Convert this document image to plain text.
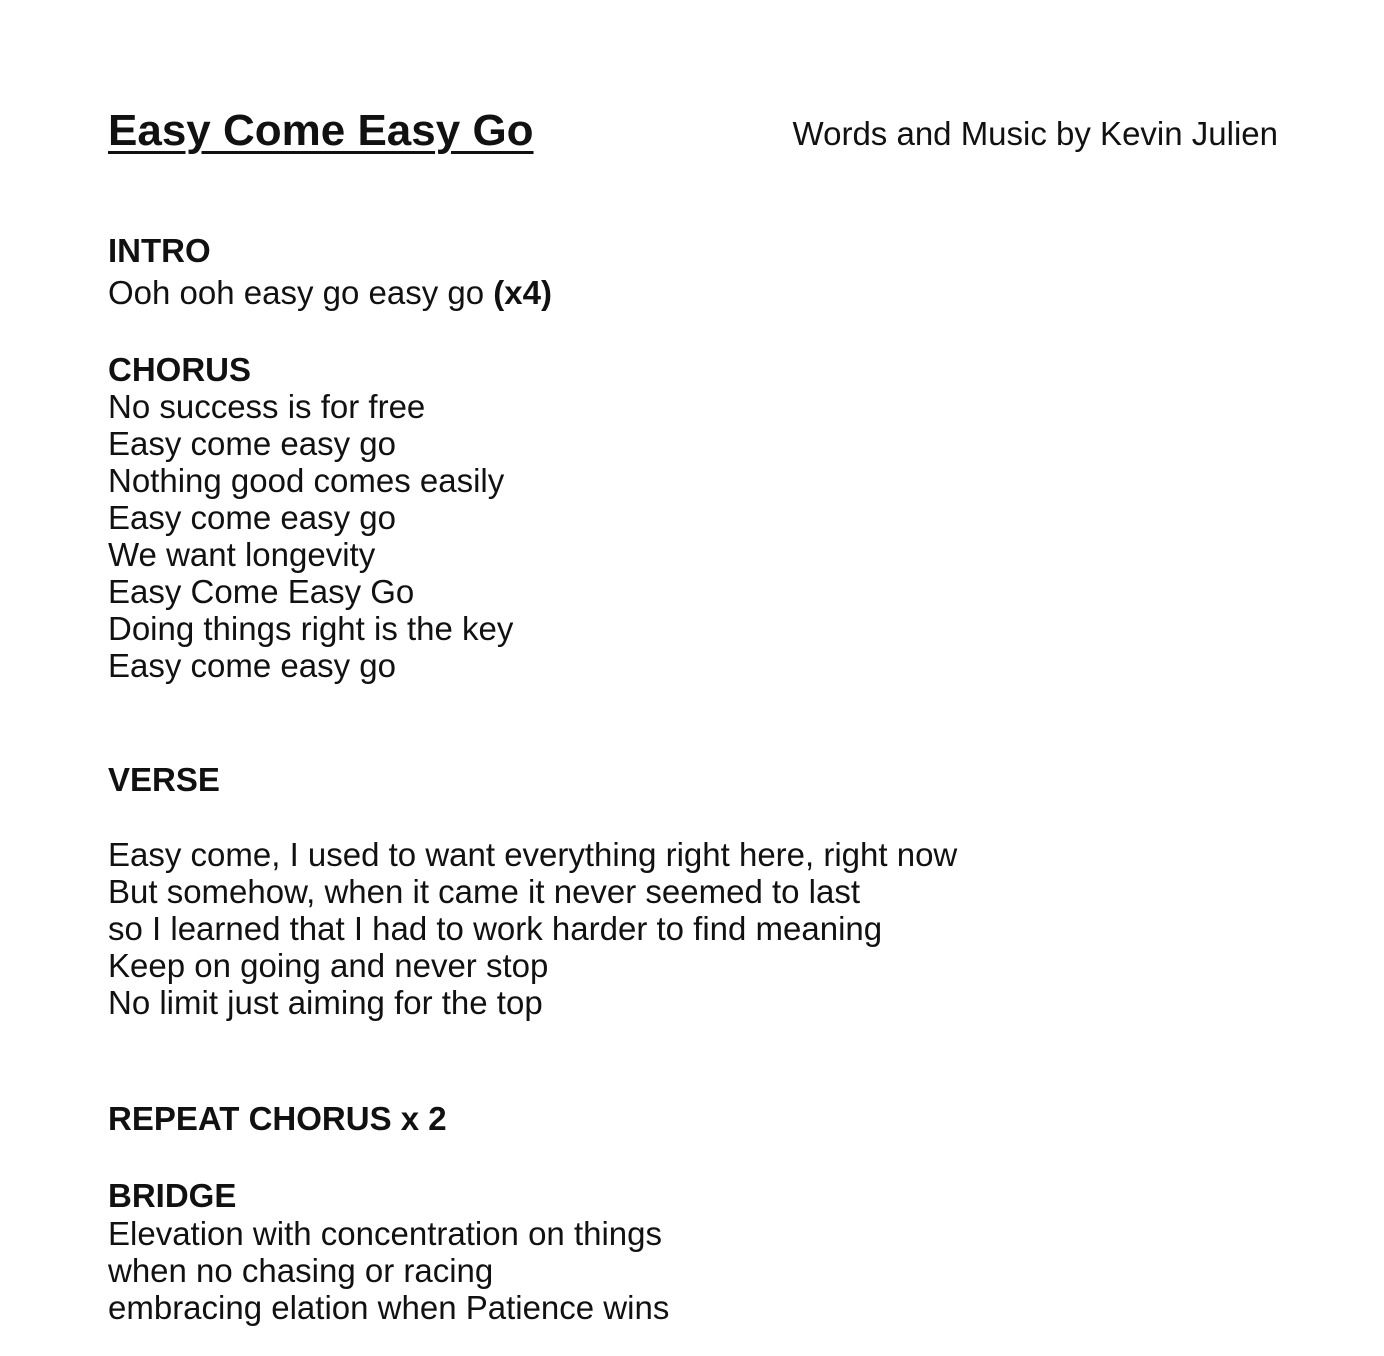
Easy Come Easy Go	Words and Music by Kevin Julien
INTRO
Ooh ooh easy go easy go (x4)
CHORUS
No success is for free
Easy come easy go
Nothing good comes easily
Easy come easy go
We want longevity
Easy Come Easy Go
Doing things right is the key
Easy come easy go
VERSE
Easy come, I used to want everything right here, right now
But somehow, when it came it never seemed to last
so I learned that I had to work harder to find meaning
Keep on going and never stop
No limit just aiming for the top
REPEAT CHORUS x 2
BRIDGE
Elevation with concentration on things
when no chasing or racing
embracing elation when Patience wins
